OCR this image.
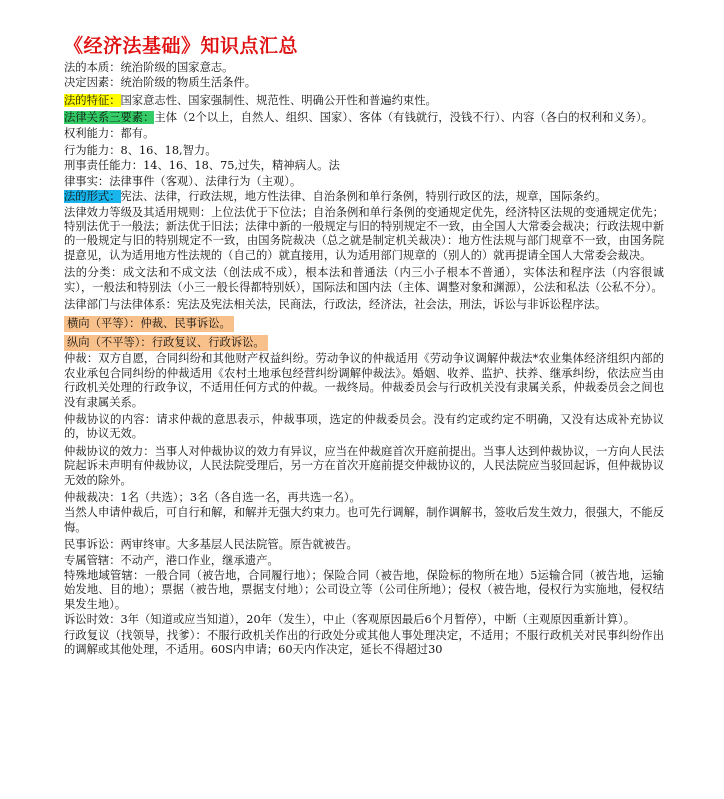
《经济法基础》知识点汇总
法的本质：统治阶级的国家意志。
决定因素：统治阶级的物质生活条件。
法的特征：国家意志性、国家强制性、规范性、明确公开性和普遍约束性。
法律关系三要素：主体（2个以上，自然人、组织、国家）、客体（有钱就行，没钱不行）、内容（各白的权利和义务）。
权利能力：都有。
行为能力：8、16、18,智力。
刑事责任能力：14、16、18、75,过失，精神病人。法
律事实：法律事件（客观）、法律行为（主观）。
法的形式：宪法、法律，行政法规，地方性法律、自治条例和单行条例，特别行政区的法，规章，国际条约。
法律效力等级及其适用规则：上位法优于下位法；自治条例和单行条例的变通规定优先，经济特区法规的变通规定优先；特别法优于一般法；新法优于旧法；法律中新的一般规定与旧的特别规定不一致，由全国人大常委会裁决；行政法规中新的一般规定与旧的特别规定不一致，由国务院裁决（总之就是制定机关裁决）：地方性法规与部门规章不一致，由国务院提意见，认为适用地方性法规的（自己的）就直接用，认为适用部门规章的（别人的）就再提请全国人大常委会裁决。
法的分类：成文法和不成文法（创法成不成），根本法和普通法（内三小子根本不普通），实体法和程序法（内容很诚实），一般法和特别法（小三一般长得都特别妖），国际法和国内法（主体、调整对象和渊源），公法和私法（公私不分）。
法律部门与法律体系：宪法及宪法相关法，民商法，行政法，经济法，社会法，刑法，诉讼与非诉讼程序法。
横向（平等）：仲裁、民事诉讼。
纵向（不平等）：行政复议、行政诉讼。
仲裁：双方自愿，合同纠纷和其他财产权益纠纷。劳动争议的仲裁适用《劳动争议调解仲裁法*农业集体经济组织内部的农业承包合同纠纷的仲裁适用《农村土地承包经营纠纷调解仲裁法》。婚姻、收养、监护、扶养、继承纠纷，依法应当由行政机关处理的行政争议，不适用任何方式的仲裁。一裁终局。仲裁委员会与行政机关没有隶属关系，仲裁委员会之间也没有隶属关系。
仲裁协议的内容：请求仲裁的意思表示，仲裁事项，选定的仲裁委员会。没有约定或约定不明确，又没有达成补充协议的，协议无效。
仲裁协议的效力：当事人对仲裁协议的效力有异议，应当在仲裁庭首次开庭前提出。当事人达到仲裁协议，一方向人民法院起诉未声明有仲裁协议，人民法院受理后，另一方在首次开庭前提交仲裁协议的，人民法院应当驳回起诉，但仲裁协议无效的除外。
仲裁裁决：1名（共选）；3名（各自选一名，再共选一名）。
当然人申请仲裁后，可自行和解，和解并无强大约束力。也可先行调解，制作调解书，签收后发生效力，很强大，不能反悔。
民事诉讼：两审终审。大多基层人民法院管。原告就被告。
专属管辖：不动产，港口作业，继承遗产。
特殊地域管辖：一般合同（被告地，合同履行地）；保险合同（被告地，保险标的物所在地）5运输合同（被告地，运输始发地、目的地）；票据（被告地，票据支付地）；公司设立等（公司住所地）；侵权（被告地，侵权行为实施地，侵权结果发生地）。
诉讼时效：3年（知道或应当知道），20年（发生），中止（客观原因最后6个月暂停），中断（主观原因重新计算）。
行政复议（找领导，找爹）：不服行政机关作出的行政处分或其他人事处理决定，不适用；不服行政机关对民事纠纷作出的调解或其他处理，不适用。60S内申请；60天内作决定，延长不得超过30
